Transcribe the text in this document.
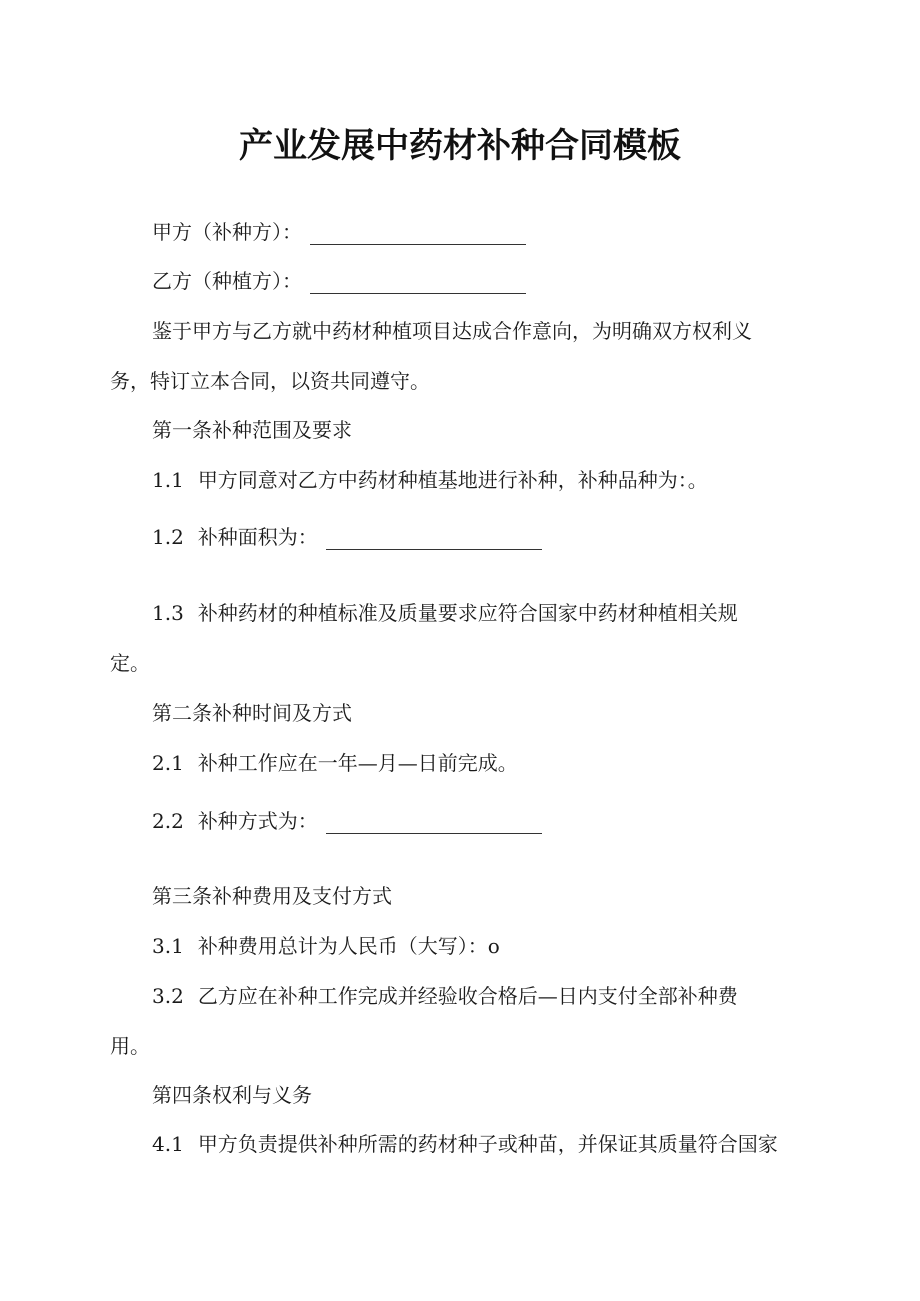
产业发展中药材补种合同模板
甲方（补种方）：
乙方（种植方）：
鉴于甲方与乙方就中药材种植项目达成合作意向，为明确双方权利义
务，特订立本合同，以资共同遵守。
第一条补种范围及要求
1.1 甲方同意对乙方中药材种植基地进行补种，补种品种为：。
1.2 补种面积为：
1.3 补种药材的种植标准及质量要求应符合国家中药材种植相关规
定。
第二条补种时间及方式
2.1 补种工作应在一年—月—日前完成。
2.2 补种方式为：
第三条补种费用及支付方式
3.1 补种费用总计为人民币（大写）：o
3.2 乙方应在补种工作完成并经验收合格后—日内支付全部补种费
用。
第四条权利与义务
4.1 甲方负责提供补种所需的药材种子或种苗，并保证其质量符合国家
